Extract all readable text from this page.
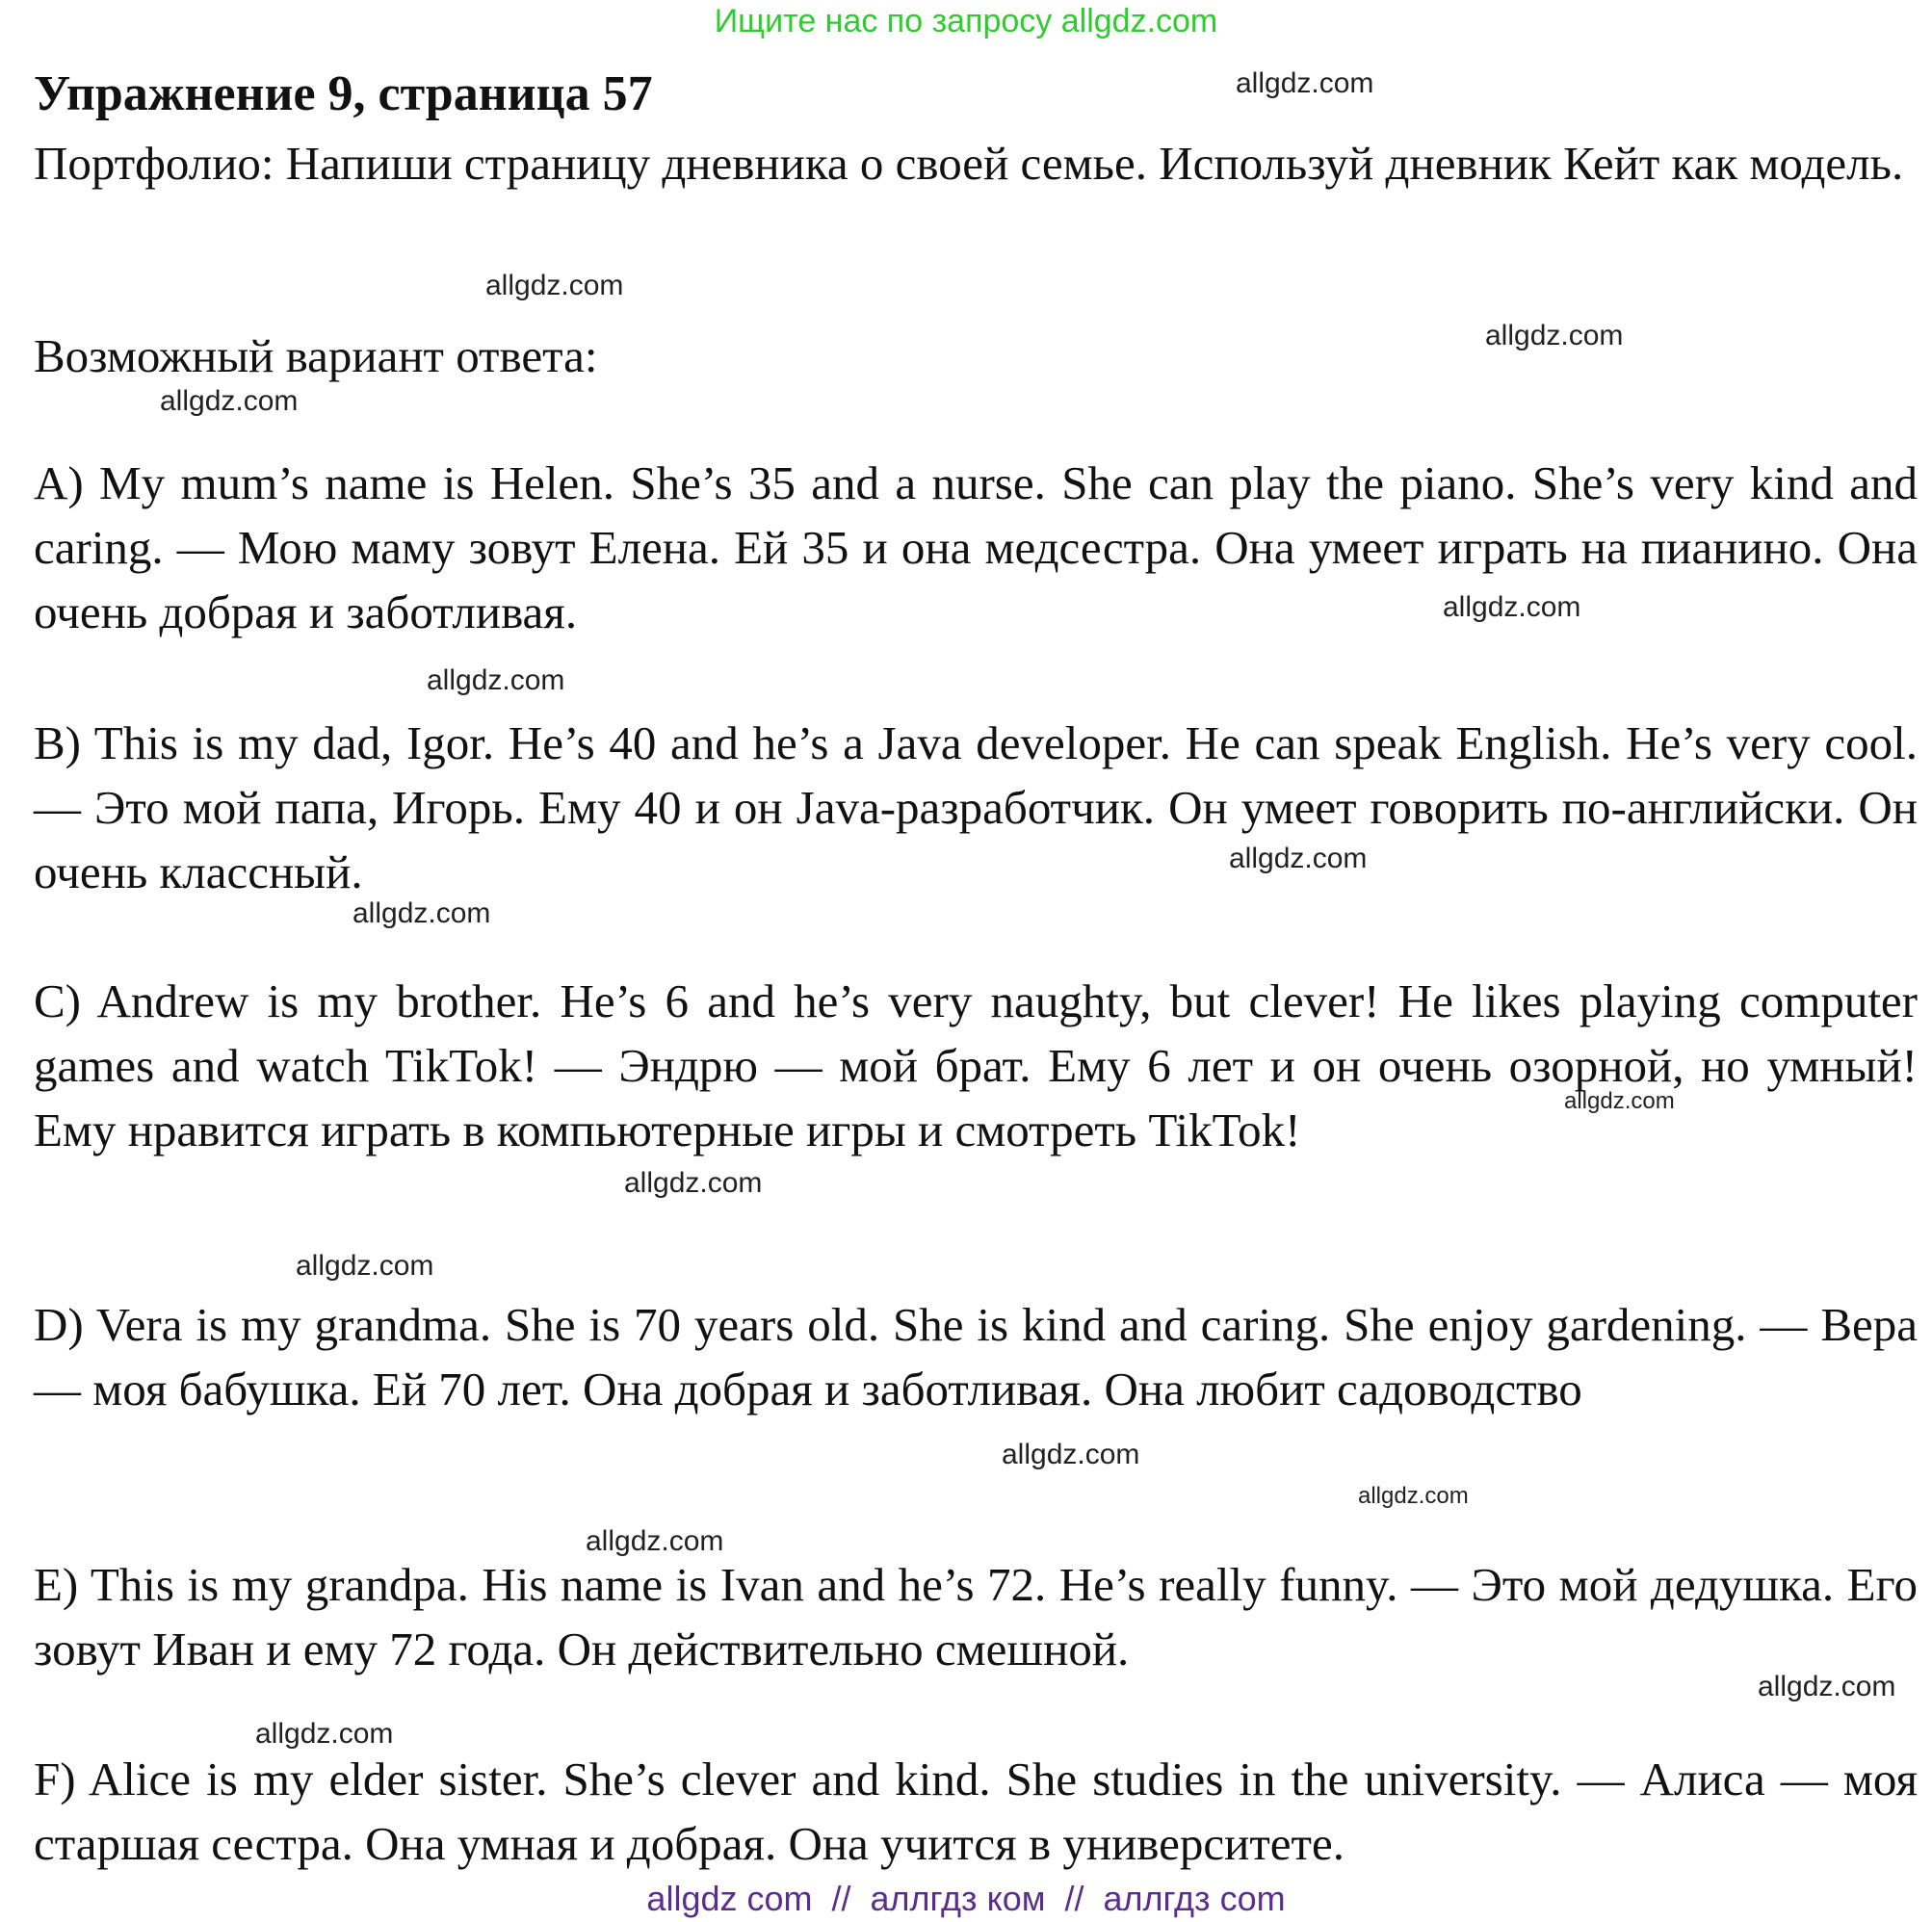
Ищите нас по запросу allgdz.com
Упражнение 9, страница 57
Портфолио: Напиши страницу дневника о своей семье. Используй дневник Кейт как модель.
Возможный вариант ответа:
A) My mum’s name is Helen. She’s 35 and a nurse. She can play the piano. She’s very kind and caring. — Мою маму зовут Елена. Ей 35 и она медсестра. Она умеет играть на пианино. Она очень добрая и заботливая.
B) This is my dad, Igor. He’s 40 and he’s a Java developer. He can speak English. He’s very cool. — Это мой папа, Игорь. Ему 40 и он Java-разработчик. Он умеет говорить по-английски. Он очень классный.
C) Andrew is my brother. He’s 6 and he’s very naughty, but clever! He likes playing computer games and watch TikTok! — Эндрю — мой брат. Ему 6 лет и он очень озорной, но умный! Ему нравится играть в компьютерные игры и смотреть TikTok!
D) Vera is my grandma. She is 70 years old. She is kind and caring. She enjoy gardening. — Вера — моя бабушка. Ей 70 лет. Она добрая и заботливая. Она любит садоводство
E) This is my grandpa. His name is Ivan and he’s 72. He’s really funny. — Это мой дедушка. Его зовут Иван и ему 72 года. Он действительно смешной.
F) Alice is my elder sister. She’s clever and kind. She studies in the university. — Алиса — моя старшая сестра. Она умная и добрая. Она учится в университете.
allgdz.com
allgdz.com
allgdz.com
allgdz.com
allgdz.com
allgdz.com
allgdz.com
allgdz.com
allgdz.com
allgdz.com
allgdz.com
allgdz.com
allgdz.com
allgdz.com
allgdz.com
allgdz.com
allgdz com  //  аллгдз ком  //  аллгдз com
